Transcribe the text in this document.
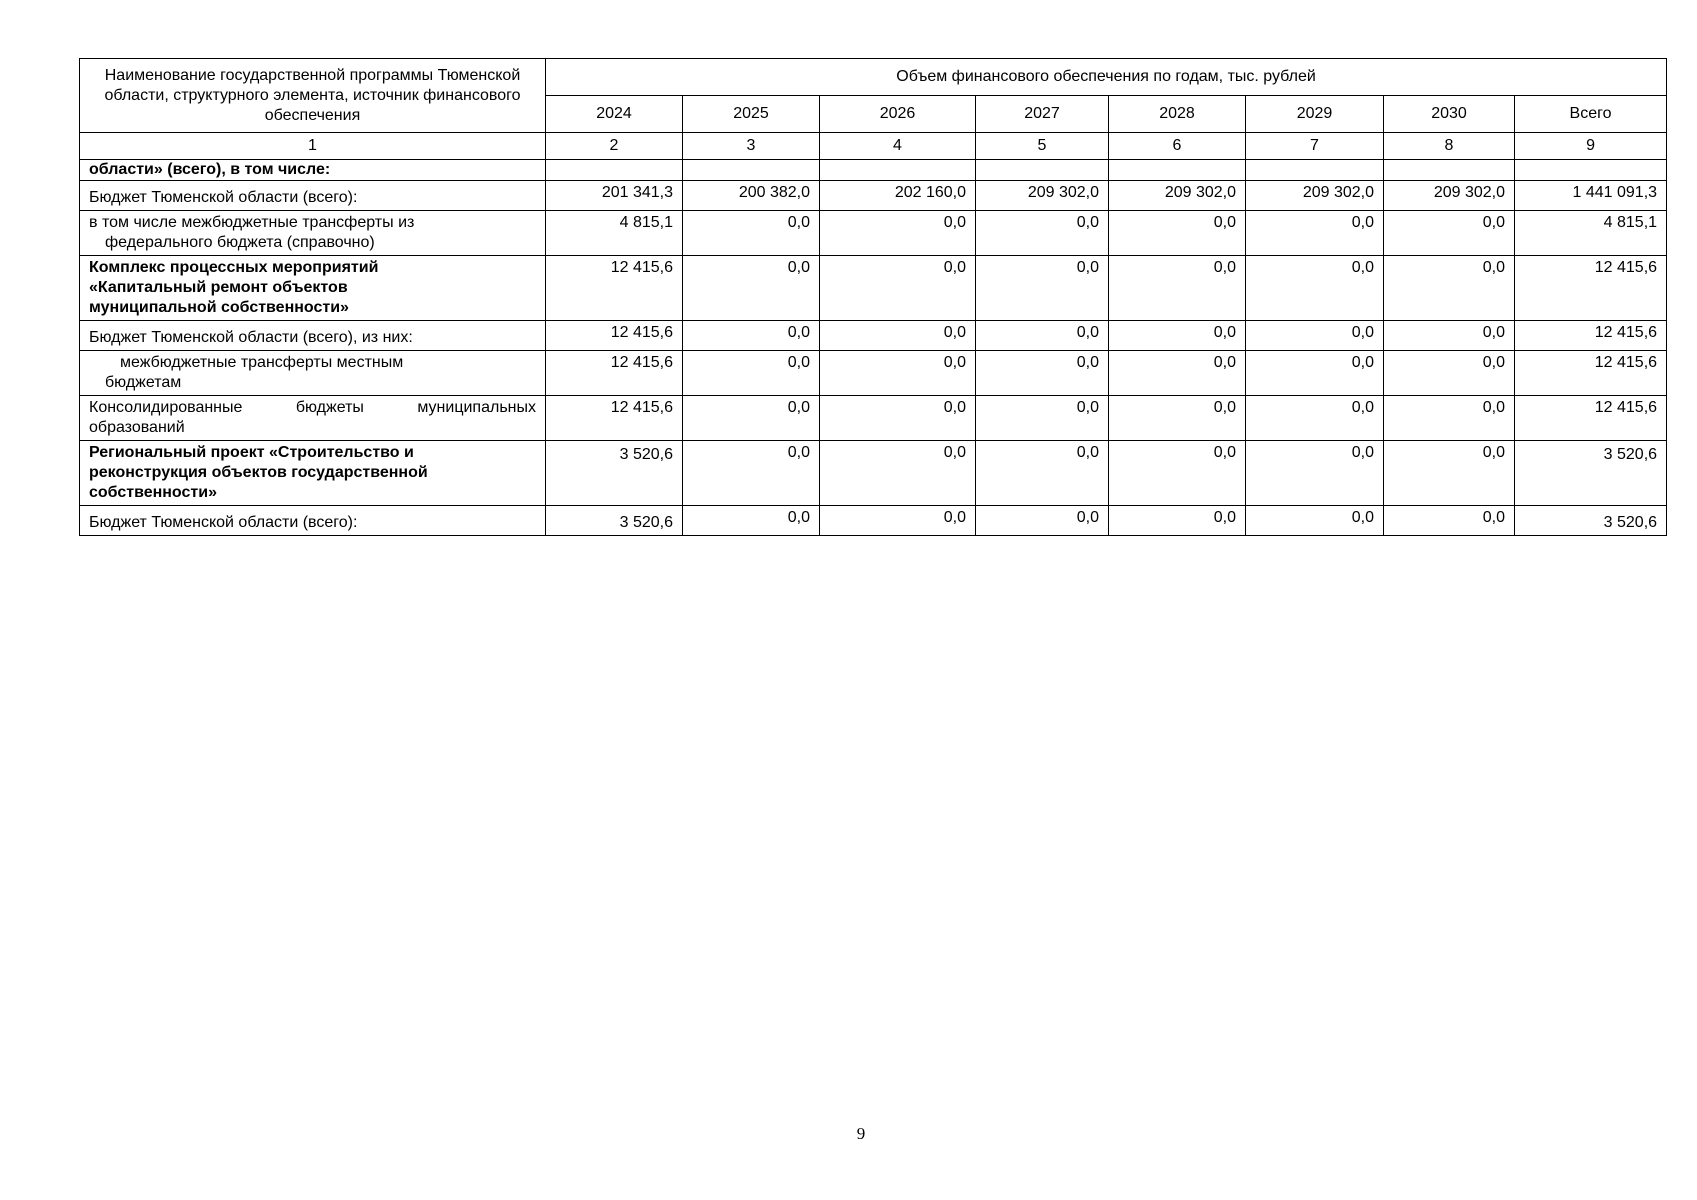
Наименование государственной программы Тюменской области, структурного элемента, источник финансового обеспечения	Объем финансового обеспечения по годам, тыс. рублей							
	2024	2025	2026	2027	2028	2029	2030	Всего
1	2	3	4	5	6	7	8	9
области» (всего), в том числе:								
Бюджет Тюменской области (всего):	201 341,3	200 382,0	202 160,0	209 302,0	209 302,0	209 302,0	209 302,0	1 441 091,3

в том числе межбюджетные трансферты из
федерального бюджета (справочно)	4 815,1	0,0	0,0	0,0	0,0	0,0	0,0	4 815,1
Комплекс процессных мероприятий «Капитальный ремонт объектов муниципальной собственности»	12 415,6	0,0	0,0	0,0	0,0	0,0	0,0	12 415,6
Бюджет Тюменской области (всего), из них:	12 415,6	0,0	0,0	0,0	0,0	0,0	0,0	12 415,6

межбюджетные трансферты местным
бюджетам	12 415,6	0,0	0,0	0,0	0,0	0,0	0,0	12 415,6
Консолидированные бюджеты муниципальных образований	12 415,6	0,0	0,0	0,0	0,0	0,0	0,0	12 415,6
Региональный проект «Строительство и реконструкция объектов государственной собственности»	3 520,6	0,0	0,0	0,0	0,0	0,0	0,0	3 520,6
Бюджет Тюменской области (всего):	3 520,6	0,0	0,0	0,0	0,0	0,0	0,0	3 520,6
9
